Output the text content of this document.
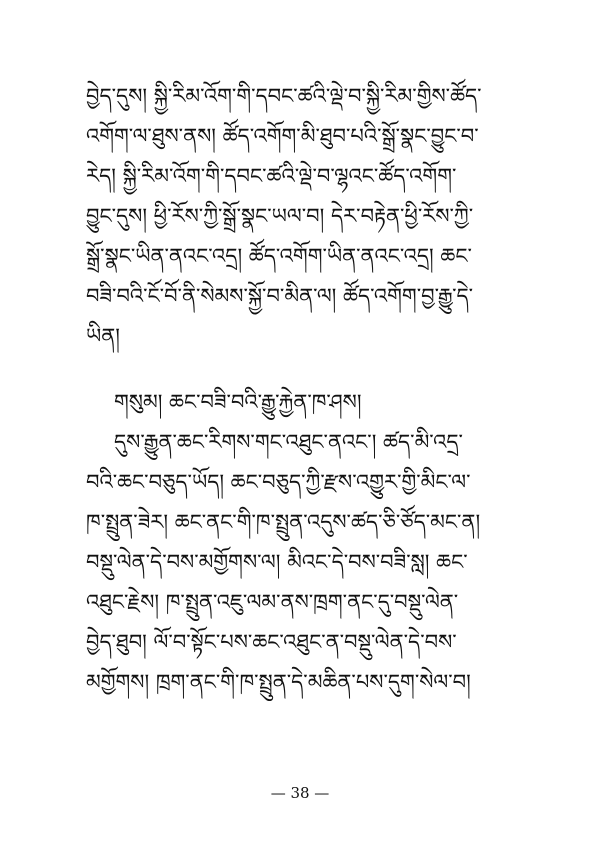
བྱེད་དུས། སྐྱི་རིམ་འོག་གི་དབང་ཚའི་ལྡེ་བ་སྐྱི་རིམ་གྱིས་ཚོད་
འགོག་ལ་ཐུས་ནས། ཚོད་འགོག་མི་ཐུབ་པའི་སྒྲོ་སྣང་བྱུང་བ་
རེད། སྐྱི་རིམ་འོག་གི་དབང་ཚའི་ལྡེ་བ་ལྷའང་ཚོད་འགོག་
བྱུང་དུས། ཕྱི་རོས་ཀྱི་སྒྲོ་སྣང་ཡལ་བ། དེར་བརྟེན་ཕྱི་རོས་ཀྱི་
སྒྲོ་སྣང་ཡིན་ནའང་འདྲ། ཚོད་འགོག་ཡིན་ནའང་འདྲ། ཆང་
བཟི་བའི་ངོ་བོ་ནི་སེམས་སྐྱོ་བ་མིན་ལ། ཚོད་འགོག་བྱ་རྒྱུ་དེ་
ཡིན།
གསུམ། ཆང་བཟི་བའི་རྒྱུ་རྐྱེན་ཁ་ཤས།
དུས་རྒྱུན་ཆང་རིགས་གང་འཐུང་ནའང་། ཚད་མི་འདྲ་
བའི་ཆང་བཅུད་ཡོད། ཆང་བཅུད་ཀྱི་རྫས་འགྱུར་གྱི་མིང་ལ་
ཁ་སྤྲུན་ཟེར། ཆང་ནང་གི་ཁ་སྤྲུན་འདུས་ཚད་ཅི་ཙོད་མང་ན།
བསྡུ་ལེན་དེ་བས་མགྱོགས་ལ། མིའང་དེ་བས་བཟི་སླ། ཆང་
འཐུང་རྗེས། ཁ་སྤྲུན་འཇུ་ལམ་ནས་ཁྲག་ནང་དུ་བསྡུ་ལེན་
བྱེད་ཐུབ། ལོ་བ་སྟོང་པས་ཆང་འཐུང་ན་བསྡུ་ལེན་དེ་བས་
མགྱོགས། ཁྲག་ནང་གི་ཁ་སྤྲུན་དེ་མཆིན་པས་དུག་སེལ་བ།
— 38 —
